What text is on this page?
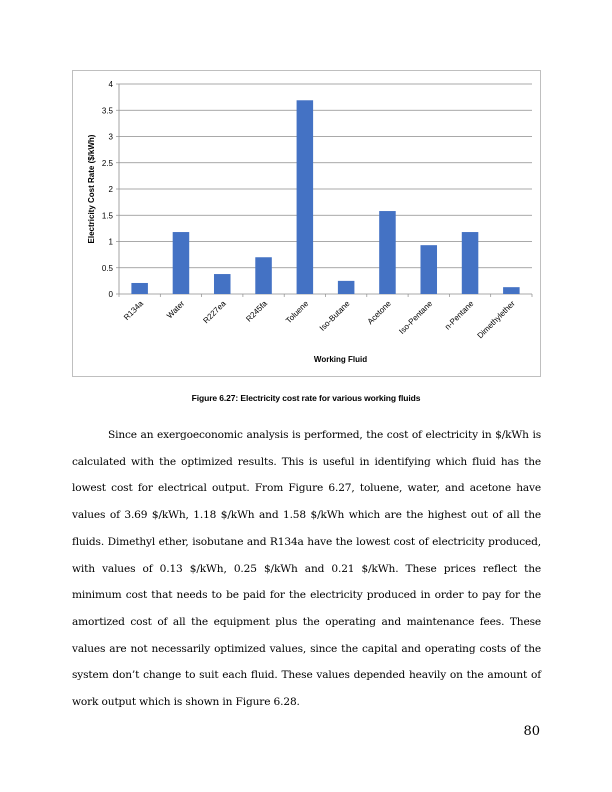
0
0.5
1
1.5
2
2.5
3
3.5
4
R134a	Water R227ea R245fa Toluene Iso-Butane Acetone Iso-Pentane n-Pentane Dimethylether
Electricity Cost Rate ($/kWh)
Working Fluid
Figure 6.27: Electricity cost rate for various working fluids
Since an exergoeconomic analysis is performed, the cost of electricity in $/kWh is calculated with the optimized results. This is useful in identifying which fluid has the lowest cost for electrical output. From Figure 6.27, toluene, water, and acetone have values of 3.69 $/kWh, 1.18 $/kWh and 1.58 $/kWh which are the highest out of all the fluids. Dimethyl ether, isobutane and R134a have the lowest cost of electricity produced, with values of 0.13 $/kWh, 0.25 $/kWh and 0.21 $/kWh. These prices reflect the minimum cost that needs to be paid for the electricity produced in order to pay for the amortized cost of all the equipment plus the operating and maintenance fees. These values are not necessarily optimized values, since the capital and operating costs of the system don’t change to suit each fluid. These values depended heavily on the amount of work output which is shown in Figure 6.28.
80
